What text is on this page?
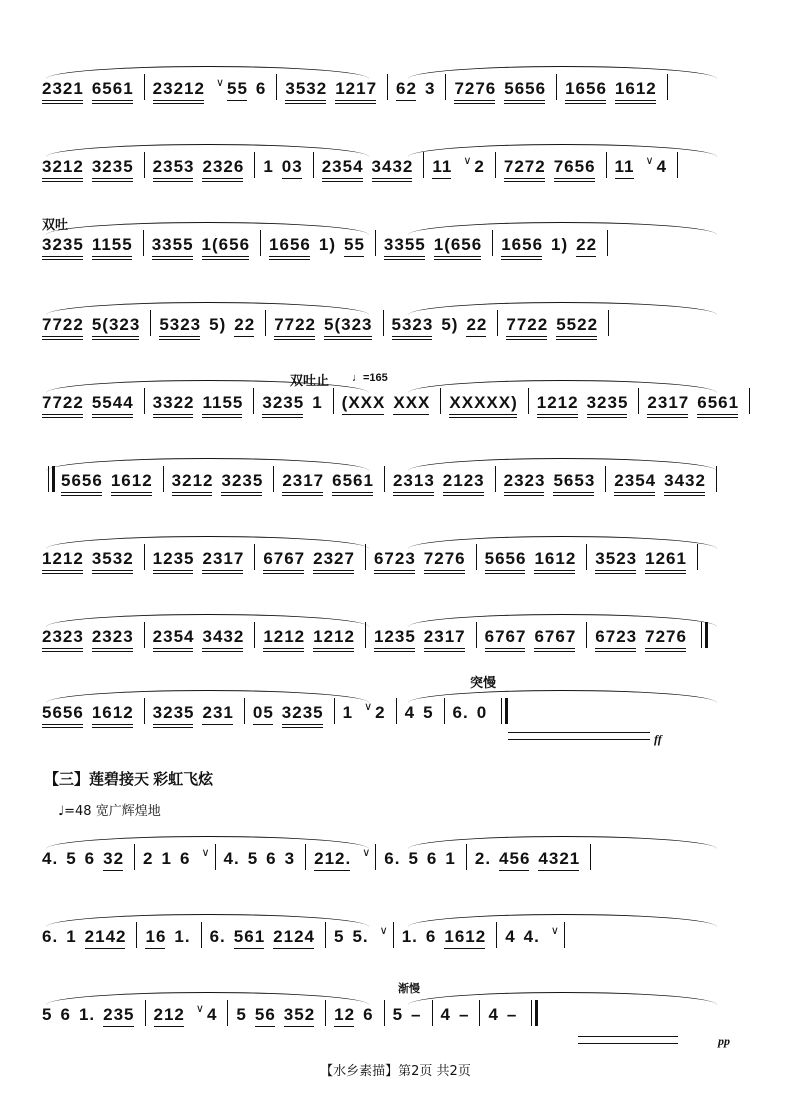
2321 6561 23212 ∨ 55 6 3532 1217 62 3 7276 5656 1656 1612
3212 3235 2353 2326 1 03 2354 3432 11 ∨ 2 7272 7656 11 ∨ 4
双吐
3235 1155 3355 1(656 1656 1) 55 3355 1(656 1656 1) 22
7722 5(323 5323 5) 22 7722 5(323 5323 5) 22 7722 5522
双吐止 ♩=165
7722 5544 3322 1155 3235 1 (XXX XXX XXXXX) 1212 3235 2317 6561
5656 1612 3212 3235 2317 6561 2313 2123 2323 5653 2354 3432
1212 3532 1235 2317 6767 2327 6723 7276 5656 1612 3523 1261
2323 2323 2354 3432 1212 1212 1235 2317 6767 6767 6723 7276
突慢
5656 1612 3235 231 05 3235 1 ∨ 2 4 5 6. 0
ff
【三】莲碧接天 彩虹飞炫
♩=48 宽广辉煌地
4. 5 6 32 2 1 6 ∨ 4. 5 6 3 212. ∨ 6. 5 6 1 2. 456 4321
6. 1 2142 16 1. 6. 561 2124 5 5. ∨ 1. 6 1612 4 4. ∨
渐慢
5 6 1. 235 212 ∨ 4 5 56 352 12 6 5 – 4 – 4 –
pp
【水乡素描】第2页 共2页
